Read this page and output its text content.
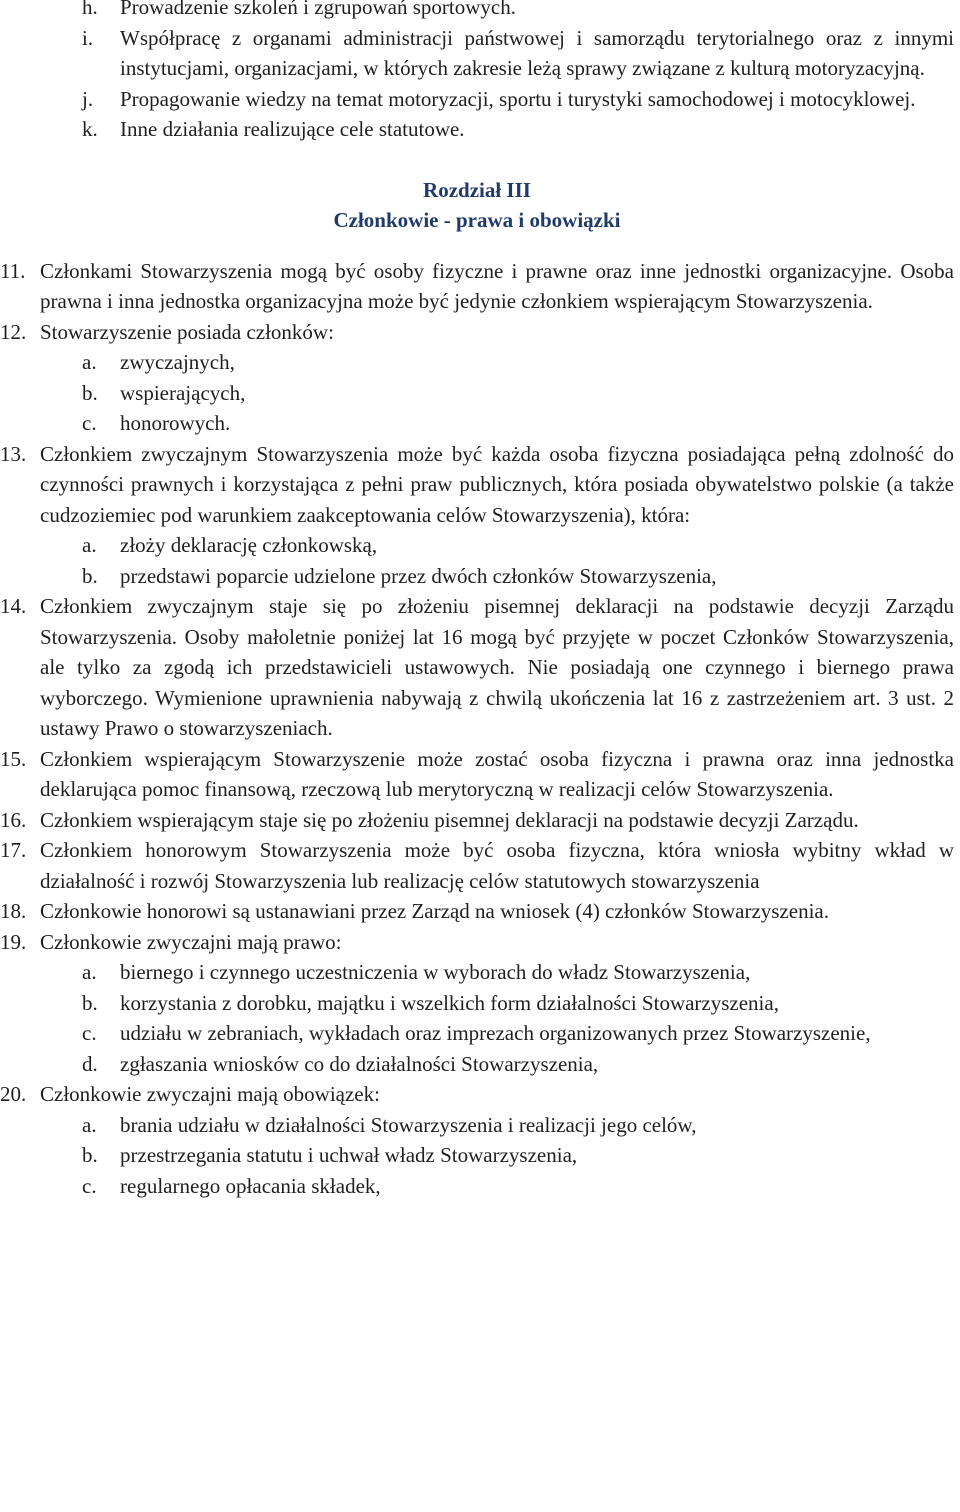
h. Prowadzenie szkoleń i zgrupowań sportowych.
i. Współpracę z organami administracji państwowej i samorządu terytorialnego oraz z innymi instytucjami, organizacjami, w których zakresie leżą sprawy związane z kulturą motoryzacyjną.
j. Propagowanie wiedzy na temat motoryzacji, sportu i turystyki samochodowej i motocyklowej.
k. Inne działania realizujące cele statutowe.
Rozdział III
Członkowie - prawa i obowiązki
11. Członkami Stowarzyszenia mogą być osoby fizyczne i prawne oraz inne jednostki organizacyjne. Osoba prawna i inna jednostka organizacyjna może być jedynie członkiem wspierającym Stowarzyszenia.
12. Stowarzyszenie posiada członków:
a. zwyczajnych,
b. wspierających,
c. honorowych.
13. Członkiem zwyczajnym Stowarzyszenia może być każda osoba fizyczna posiadająca pełną zdolność do czynności prawnych i korzystająca z pełni praw publicznych, która posiada obywatelstwo polskie (a także cudzoziemiec pod warunkiem zaakceptowania celów Stowarzyszenia), która:
a. złoży deklarację członkowską,
b. przedstawi poparcie udzielone przez dwóch członków Stowarzyszenia,
14. Członkiem zwyczajnym staje się po złożeniu pisemnej deklaracji na podstawie decyzji Zarządu Stowarzyszenia. Osoby małoletnie poniżej lat 16 mogą być przyjęte w poczet Członków Stowarzyszenia, ale tylko za zgodą ich przedstawicieli ustawowych. Nie posiadają one czynnego i biernego prawa wyborczego. Wymienione uprawnienia nabywają z chwilą ukończenia lat 16 z zastrzeżeniem art. 3 ust. 2 ustawy Prawo o stowarzyszeniach.
15. Członkiem wspierającym Stowarzyszenie może zostać osoba fizyczna i prawna oraz inna jednostka deklarująca pomoc finansową, rzeczową lub merytoryczną w realizacji celów Stowarzyszenia.
16. Członkiem wspierającym staje się po złożeniu pisemnej deklaracji na podstawie decyzji Zarządu.
17. Członkiem honorowym Stowarzyszenia może być osoba fizyczna, która wniosła wybitny wkład w działalność i rozwój Stowarzyszenia lub realizację celów statutowych stowarzyszenia
18. Członkowie honorowi są ustanawiani przez Zarząd na wniosek (4) członków Stowarzyszenia.
19. Członkowie zwyczajni mają prawo:
a. biernego i czynnego uczestniczenia w wyborach do władz Stowarzyszenia,
b. korzystania z dorobku, majątku i wszelkich form działalności Stowarzyszenia,
c. udziału w zebraniach, wykładach oraz imprezach organizowanych przez Stowarzyszenie,
d. zgłaszania wniosków co do działalności Stowarzyszenia,
20. Członkowie zwyczajni mają obowiązek:
a. brania udziału w działalności Stowarzyszenia i realizacji jego celów,
b. przestrzegania statutu i uchwał władz Stowarzyszenia,
c. regularnego opłacania składek,
